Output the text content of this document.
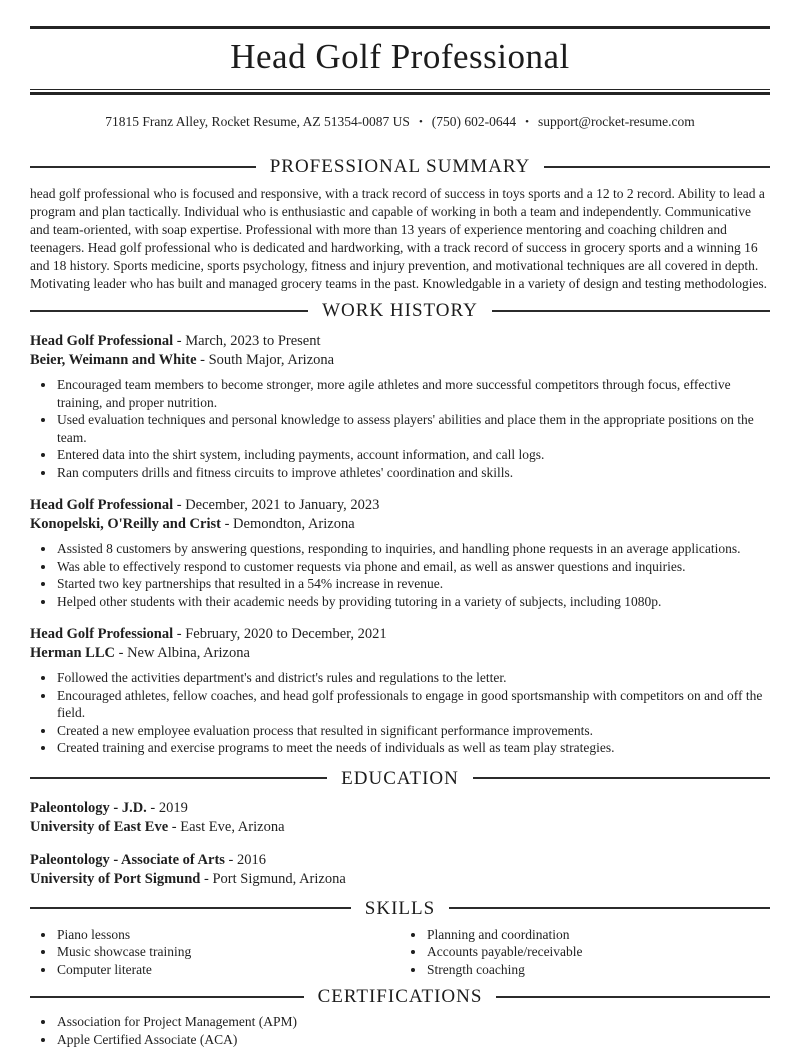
Head Golf Professional
71815 Franz Alley, Rocket Resume, AZ 51354-0087 US • (750) 602-0644 • support@rocket-resume.com
PROFESSIONAL SUMMARY

head golf professional who is focused and responsive, with a track record of success in toys sports and a 12 to 2 record. Ability to lead a program and plan tactically. Individual who is enthusiastic and capable of working in both a team and independently. Communicative and team-oriented, with soap expertise. Professional with more than 13 years of experience mentoring and coaching children and teenagers. Head golf professional who is dedicated and hardworking, with a track record of success in grocery sports and a winning 16 and 18 history. Sports medicine, sports psychology, fitness and injury prevention, and motivational techniques are all covered in depth. Motivating leader who has built and managed grocery teams in the past. Knowledgable in a variety of design and testing methodologies.

WORK HISTORY
Head Golf Professional - March, 2023 to Present
Beier, Weimann and White - South Major, Arizona
• Encouraged team members to become stronger, more agile athletes and more successful competitors through focus, effective training, and proper nutrition.
• Used evaluation techniques and personal knowledge to assess players' abilities and place them in the appropriate positions on the team.
• Entered data into the shirt system, including payments, account information, and call logs.
• Ran computers drills and fitness circuits to improve athletes' coordination and skills.
Head Golf Professional - December, 2021 to January, 2023
Konopelski, O'Reilly and Crist - Demondton, Arizona
• Assisted 8 customers by answering questions, responding to inquiries, and handling phone requests in an average applications.
• Was able to effectively respond to customer requests via phone and email, as well as answer questions and inquiries.
• Started two key partnerships that resulted in a 54% increase in revenue.
• Helped other students with their academic needs by providing tutoring in a variety of subjects, including 1080p.
Head Golf Professional - February, 2020 to December, 2021
Herman LLC - New Albina, Arizona
• Followed the activities department's and district's rules and regulations to the letter.
• Encouraged athletes, fellow coaches, and head golf professionals to engage in good sportsmanship with competitors on and off the field.
• Created a new employee evaluation process that resulted in significant performance improvements.
• Created training and exercise programs to meet the needs of individuals as well as team play strategies.
EDUCATION
Paleontology - J.D. - 2019
University of East Eve - East Eve, Arizona
Paleontology - Associate of Arts - 2016
University of Port Sigmund - Port Sigmund, Arizona
SKILLS
• Piano lessons
• Music showcase training
• Computer literate
• Planning and coordination
• Accounts payable/receivable
• Strength coaching
CERTIFICATIONS
• Association for Project Management (APM)
• Apple Certified Associate (ACA)
